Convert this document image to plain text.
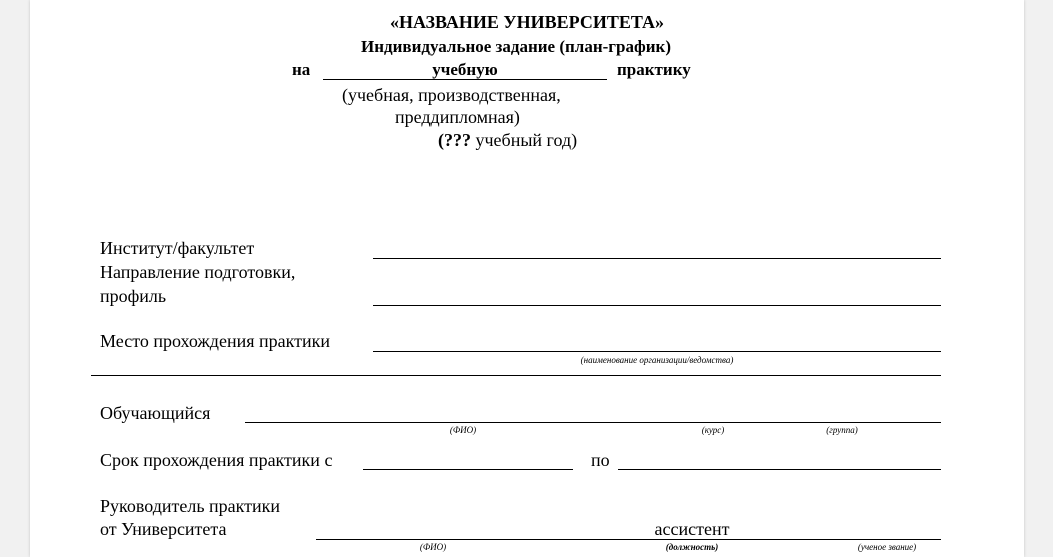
«НАЗВАНИЕ УНИВЕРСИТЕТА»
Индивидуальное задание (план-график)
на	учебную	практику
(учебная, производственная,
преддипломная)
(??? учебный год)
Институт/факультет
Направление подготовки,
профиль
Место прохождения практики
(наименование организации/ведомства)
Обучающийся
(ФИО)	(курс)	(группа)
Срок прохождения практики с	по
Руководитель практики
от Университета	ассистент
(ФИО)	(должность)	(ученое звание)
